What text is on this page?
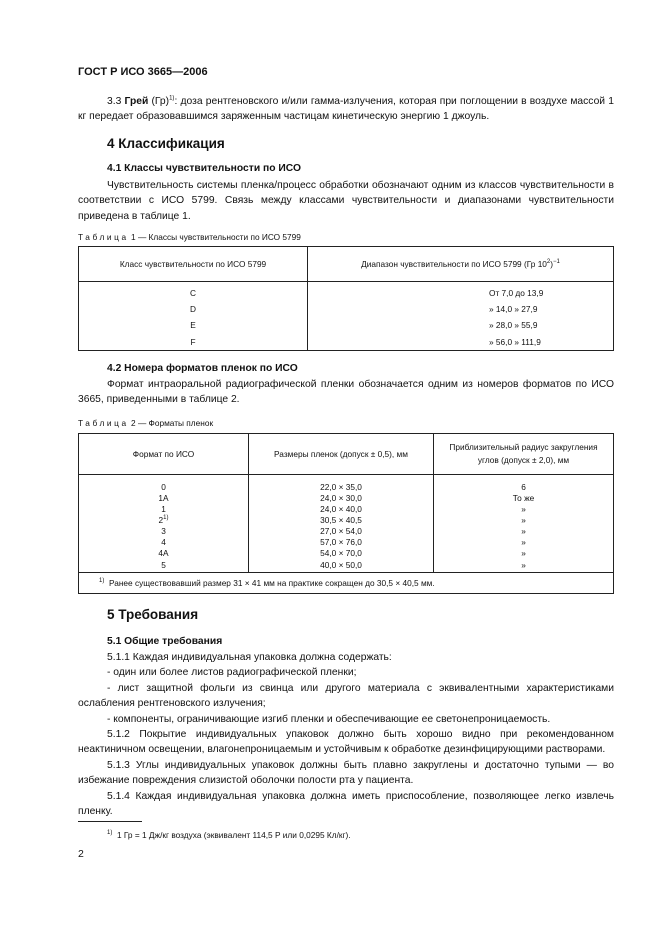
ГОСТ Р ИСО 3665—2006
3.3 Грей (Гр)$^{1)}$: доза рентгеновского и/или гамма-излучения, которая при поглощении в воздухе массой 1 кг передает образовавшимся заряженным частицам кинетическую энергию 1 джоуль.
4 Классификация
4.1 Классы чувствительности по ИСО
Чувствительность системы пленка/процесс обработки обозначают одним из классов чувствительности в соответствии с ИСО 5799. Связь между классами чувствительности и диапазонами чувствительности приведена в таблице 1.
Таблица 1 — Классы чувствительности по ИСО 5799
Класс чувствительности по ИСО 5799	Диапазон чувствительности по ИСО 5799 (Гр $10^2)^{-1}$
C	От 7,0 до 13,9
D	» 14,0 » 27,9
E	» 28,0 » 55,9
F	» 56,0 » 111,9
4.2 Номера форматов пленок по ИСО
Формат интраоральной радиографической пленки обозначается одним из номеров форматов по ИСО 3665, приведенными в таблице 2.
Таблица 2 — Форматы пленок
Формат по ИСО	Размеры пленок (допуск ± 0,5), мм	Приблизительный радиус закругления углов (допуск ± 2,0), мм
0	22,0 × 35,0	6
1A	24,0 × 30,0	То же
1	24,0 × 40,0	»
2$^{1)}$	30,5 × 40,5	»
3	27,0 × 54,0	»
4	57,0 × 76,0	»
4A	54,0 × 70,0	»
5	40,0 × 50,0	»
$^{1)}$ Ранее существовавший размер 31 × 41 мм на практике сокращен до 30,5 × 40,5 мм.		
5 Требования
5.1 Общие требования
5.1.1 Каждая индивидуальная упаковка должна содержать:
- один или более листов радиографической пленки;
- лист защитной фольги из свинца или другого материала с эквивалентными характеристиками ослабления рентгеновского излучения;
- компоненты, ограничивающие изгиб пленки и обеспечивающие ее светонепроницаемость.
5.1.2 Покрытие индивидуальных упаковок должно быть хорошо видно при рекомендованном неактиничном освещении, влагонепроницаемым и устойчивым к обработке дезинфицирующими растворами.
5.1.3 Углы индивидуальных упаковок должны быть плавно закруглены и достаточно тупыми — во избежание повреждения слизистой оболочки полости рта у пациента.
5.1.4 Каждая индивидуальная упаковка должна иметь приспособление, позволяющее легко извлечь пленку.
$^{1)}$ 1 Гр = 1 Дж/кг воздуха (эквивалент 114,5 Р или 0,0295 Кл/кг).
2
